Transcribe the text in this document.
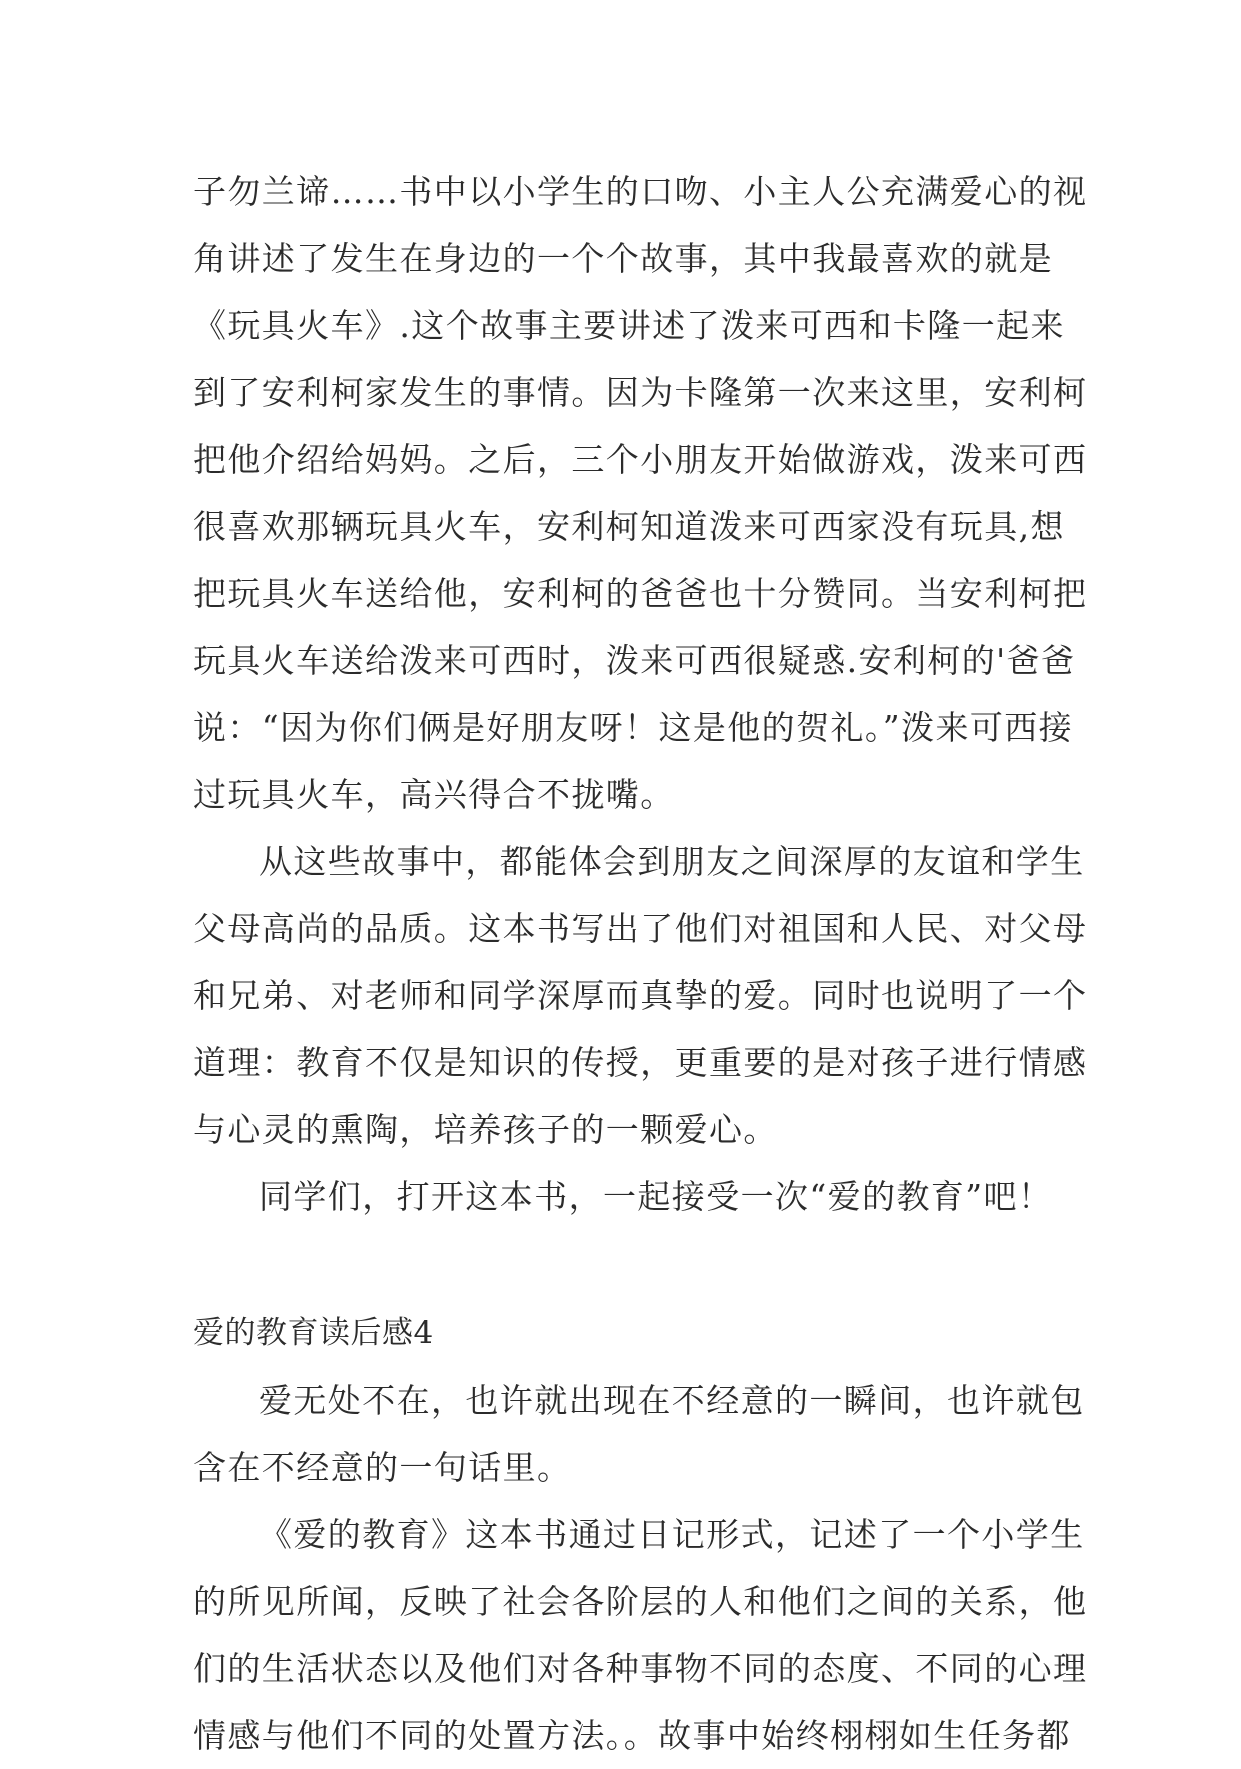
子勿兰谛……书中以小学生的口吻、小主人公充满爱心的视
角讲述了发生在身边的一个个故事，其中我最喜欢的就是
《玩具火车》.这个故事主要讲述了泼来可西和卡隆一起来
到了安利柯家发生的事情。因为卡隆第一次来这里，安利柯
把他介绍给妈妈。之后，三个小朋友开始做游戏，泼来可西
很喜欢那辆玩具火车，安利柯知道泼来可西家没有玩具,想
把玩具火车送给他，安利柯的爸爸也十分赞同。当安利柯把
玩具火车送给泼来可西时，泼来可西很疑惑.安利柯的'爸爸
说：“因为你们俩是好朋友呀！这是他的贺礼。”泼来可西接
过玩具火车，高兴得合不拢嘴。
从这些故事中，都能体会到朋友之间深厚的友谊和学生
父母高尚的品质。这本书写出了他们对祖国和人民、对父母
和兄弟、对老师和同学深厚而真挚的爱。同时也说明了一个
道理：教育不仅是知识的传授，更重要的是对孩子进行情感
与心灵的熏陶，培养孩子的一颗爱心。
同学们，打开这本书，一起接受一次“爱的教育”吧！
爱的教育读后感4
爱无处不在，也许就出现在不经意的一瞬间，也许就包
含在不经意的一句话里。
《爱的教育》这本书通过日记形式，记述了一个小学生
的所见所闻，反映了社会各阶层的人和他们之间的关系，他
们的生活状态以及他们对各种事物不同的态度、不同的心理
情感与他们不同的处置方法。。故事中始终栩栩如生任务都
